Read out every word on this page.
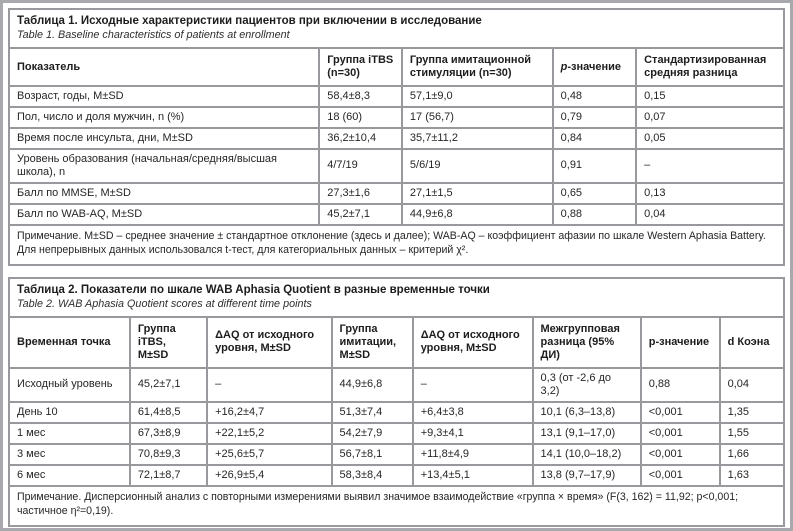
Таблица 1. Исходные характеристики пациентов при включении в исследование
Table 1. Baseline characteristics of patients at enrollment
Показатель	Группа iTBS (n=30)	Группа имитационной стимуляции (n=30)	p-значение	Стандартизированная средняя разница
Возраст, годы, M±SD	58,4±8,3	57,1±9,0	0,48	0,15
Пол, число и доля мужчин, n (%)	18 (60)	17 (56,7)	0,79	0,07
Время после инсульта, дни, M±SD	36,2±10,4	35,7±11,2	0,84	0,05
Уровень образования (начальная/средняя/высшая школа), n	4/7/19	5/6/19	0,91	–
Балл по MMSE, M±SD	27,3±1,6	27,1±1,5	0,65	0,13
Балл по WAB-AQ, M±SD	45,2±7,1	44,9±6,8	0,88	0,04
Примечание. M±SD – среднее значение ± стандартное отклонение (здесь и далее); WAB-AQ – коэффициент афазии по шкале Western Aphasia Battery. Для непрерывных данных использовался t-тест, для категориальных данных – критерий χ².
Таблица 2. Показатели по шкале WAB Aphasia Quotient в разные временные точки
Table 2. WAB Aphasia Quotient scores at different time points
Временная точка	Группа iTBS, M±SD	ΔAQ от исходного уровня, M±SD	Группа имитации, M±SD	ΔAQ от исходного уровня, M±SD	Межгрупповая разница (95% ДИ)	p-значение	d Коэна
Исходный уровень	45,2±7,1	–	44,9±6,8	–	0,3 (от -2,6 до 3,2)	0,88	0,04
День 10	61,4±8,5	+16,2±4,7	51,3±7,4	+6,4±3,8	10,1 (6,3–13,8)	<0,001	1,35
1 мес	67,3±8,9	+22,1±5,2	54,2±7,9	+9,3±4,1	13,1 (9,1–17,0)	<0,001	1,55
3 мес	70,8±9,3	+25,6±5,7	56,7±8,1	+11,8±4,9	14,1 (10,0–18,2)	<0,001	1,66
6 мес	72,1±8,7	+26,9±5,4	58,3±8,4	+13,4±5,1	13,8 (9,7–17,9)	<0,001	1,63
Примечание. Дисперсионный анализ с повторными измерениями выявил значимое взаимодействие «группа × время» (F(3, 162) = 11,92; p<0,001; частичное η²=0,19).
